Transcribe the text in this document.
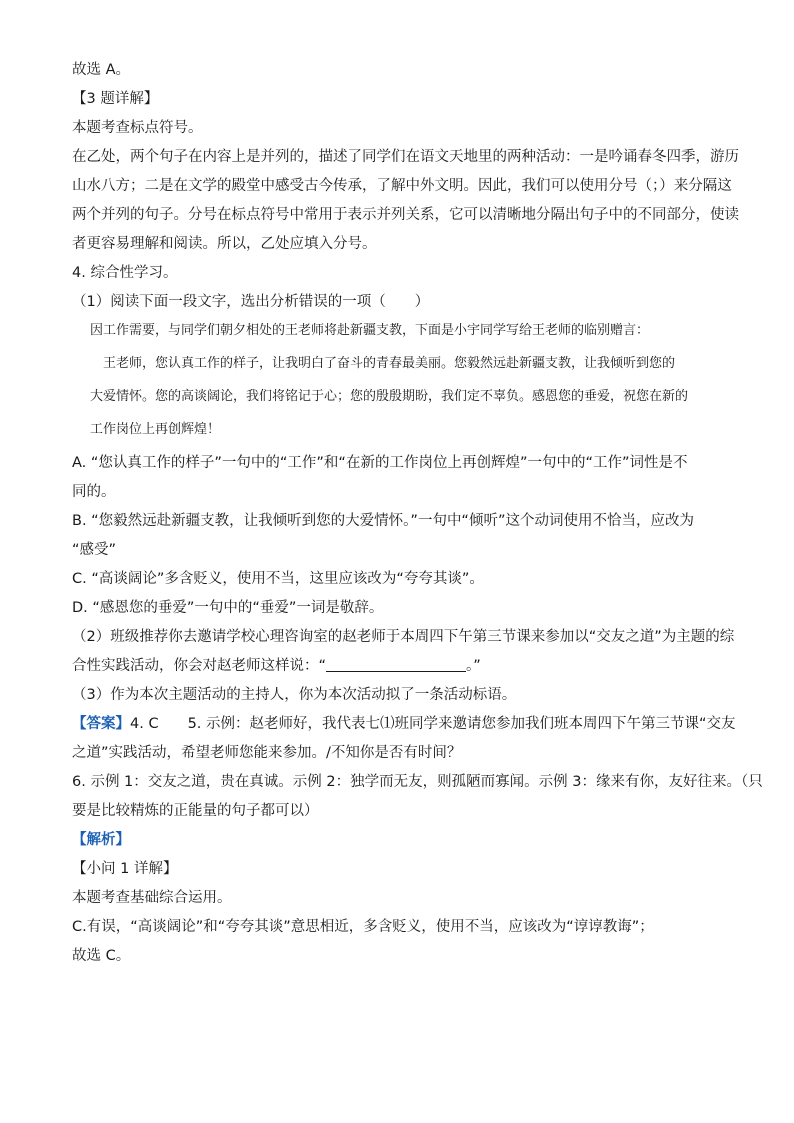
故选 A。

【3 题详解】

本题考查标点符号。

在乙处，两个句子在内容上是并列的，描述了同学们在语文天地里的两种活动：一是吟诵春冬四季，游历

山水八方；二是在文学的殿堂中感受古今传承，了解中外文明。因此，我们可以使用分号（；）来分隔这

两个并列的句子。分号在标点符号中常用于表示并列关系，它可以清晰地分隔出句子中的不同部分，使读

者更容易理解和阅读。所以，乙处应填入分号。

4. 综合性学习。

（1）阅读下面一段文字，选出分析错误的一项（　　）

因工作需要，与同学们朝夕相处的王老师将赴新疆支教，下面是小宇同学写给王老师的临别赠言：

王老师，您认真工作的样子，让我明白了奋斗的青春最美丽。您毅然远赴新疆支教，让我倾听到您的

大爱情怀。您的高谈阔论，我们将铭记于心；您的殷殷期盼，我们定不辜负。感恩您的垂爱，祝您在新的

工作岗位上再创辉煌！

A. “您认真工作的样子”一句中的“工作”和“在新的工作岗位上再创辉煌”一句中的“工作”词性是不

同的。

B. “您毅然远赴新疆支教，让我倾听到您的大爱情怀。”一句中“倾听”这个动词使用不恰当，应改为

“感受”

C. “高谈阔论”多含贬义，使用不当，这里应该改为“夸夸其谈”。

D. “感恩您的垂爱”一句中的“垂爱”一词是敬辞。

（2）班级推荐你去邀请学校心理咨询室的赵老师于本周四下午第三节课来参加以“交友之道”为主题的综

合性实践活动，你会对赵老师这样说：“	。”

（3）作为本次主题活动的主持人，你为本次活动拟了一条活动标语。

【答案】4. C　　5. 示例：赵老师好，我代表七⑴班同学来邀请您参加我们班本周四下午第三节课“交友

之道”实践活动，希望老师您能来参加。/不知你是否有时间？

6. 示例 1：交友之道，贵在真诚。示例 2：独学而无友，则孤陋而寡闻。示例 3：缘来有你，友好往来。（只

要是比较精炼的正能量的句子都可以）

【解析】

【小问 1 详解】

本题考查基础综合运用。

C.有误，“高谈阔论”和“夸夸其谈”意思相近，多含贬义，使用不当，应该改为“谆谆教诲”；

故选 C。
